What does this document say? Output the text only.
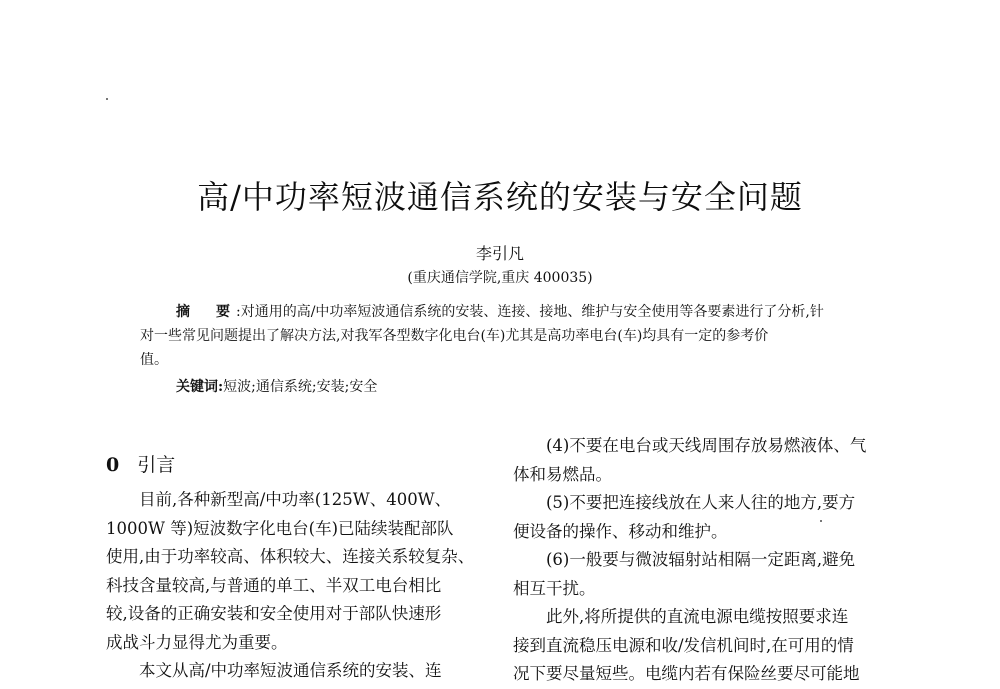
高/中功率短波通信系统的安装与安全问题
李引凡
(重庆通信学院,重庆 400035)
摘　要:对通用的高/中功率短波通信系统的安装、连接、接地、维护与安全使用等各要素进行了分析,针
对一些常见问题提出了解决方法,对我军各型数字化电台(车)尤其是高功率电台(车)均具有一定的参考价
值。
关键词:短波;通信系统;安装;安全
0 引言

目前,各种新型高/中功率(125W、400W、
1000W 等)短波数字化电台(车)已陆续装配部队
使用,由于功率较高、体积较大、连接关系较复杂、
科技含量较高,与普通的单工、半双工电台相比
较,设备的正确安装和安全使用对于部队快速形
成战斗力显得尤为重要。

本文从高/中功率短波通信系统的安装、连

(4)不要在电台或天线周围存放易燃液体、气
体和易燃品。

(5)不要把连接线放在人来人往的地方,要方
便设备的操作、移动和维护。

(6)一般要与微波辐射站相隔一定距离,避免
相互干扰。

此外,将所提供的直流电源电缆按照要求连
接到直流稳压电源和收/发信机间时,在可用的情
况下要尽量短些。电缆内若有保险丝要尽可能地
